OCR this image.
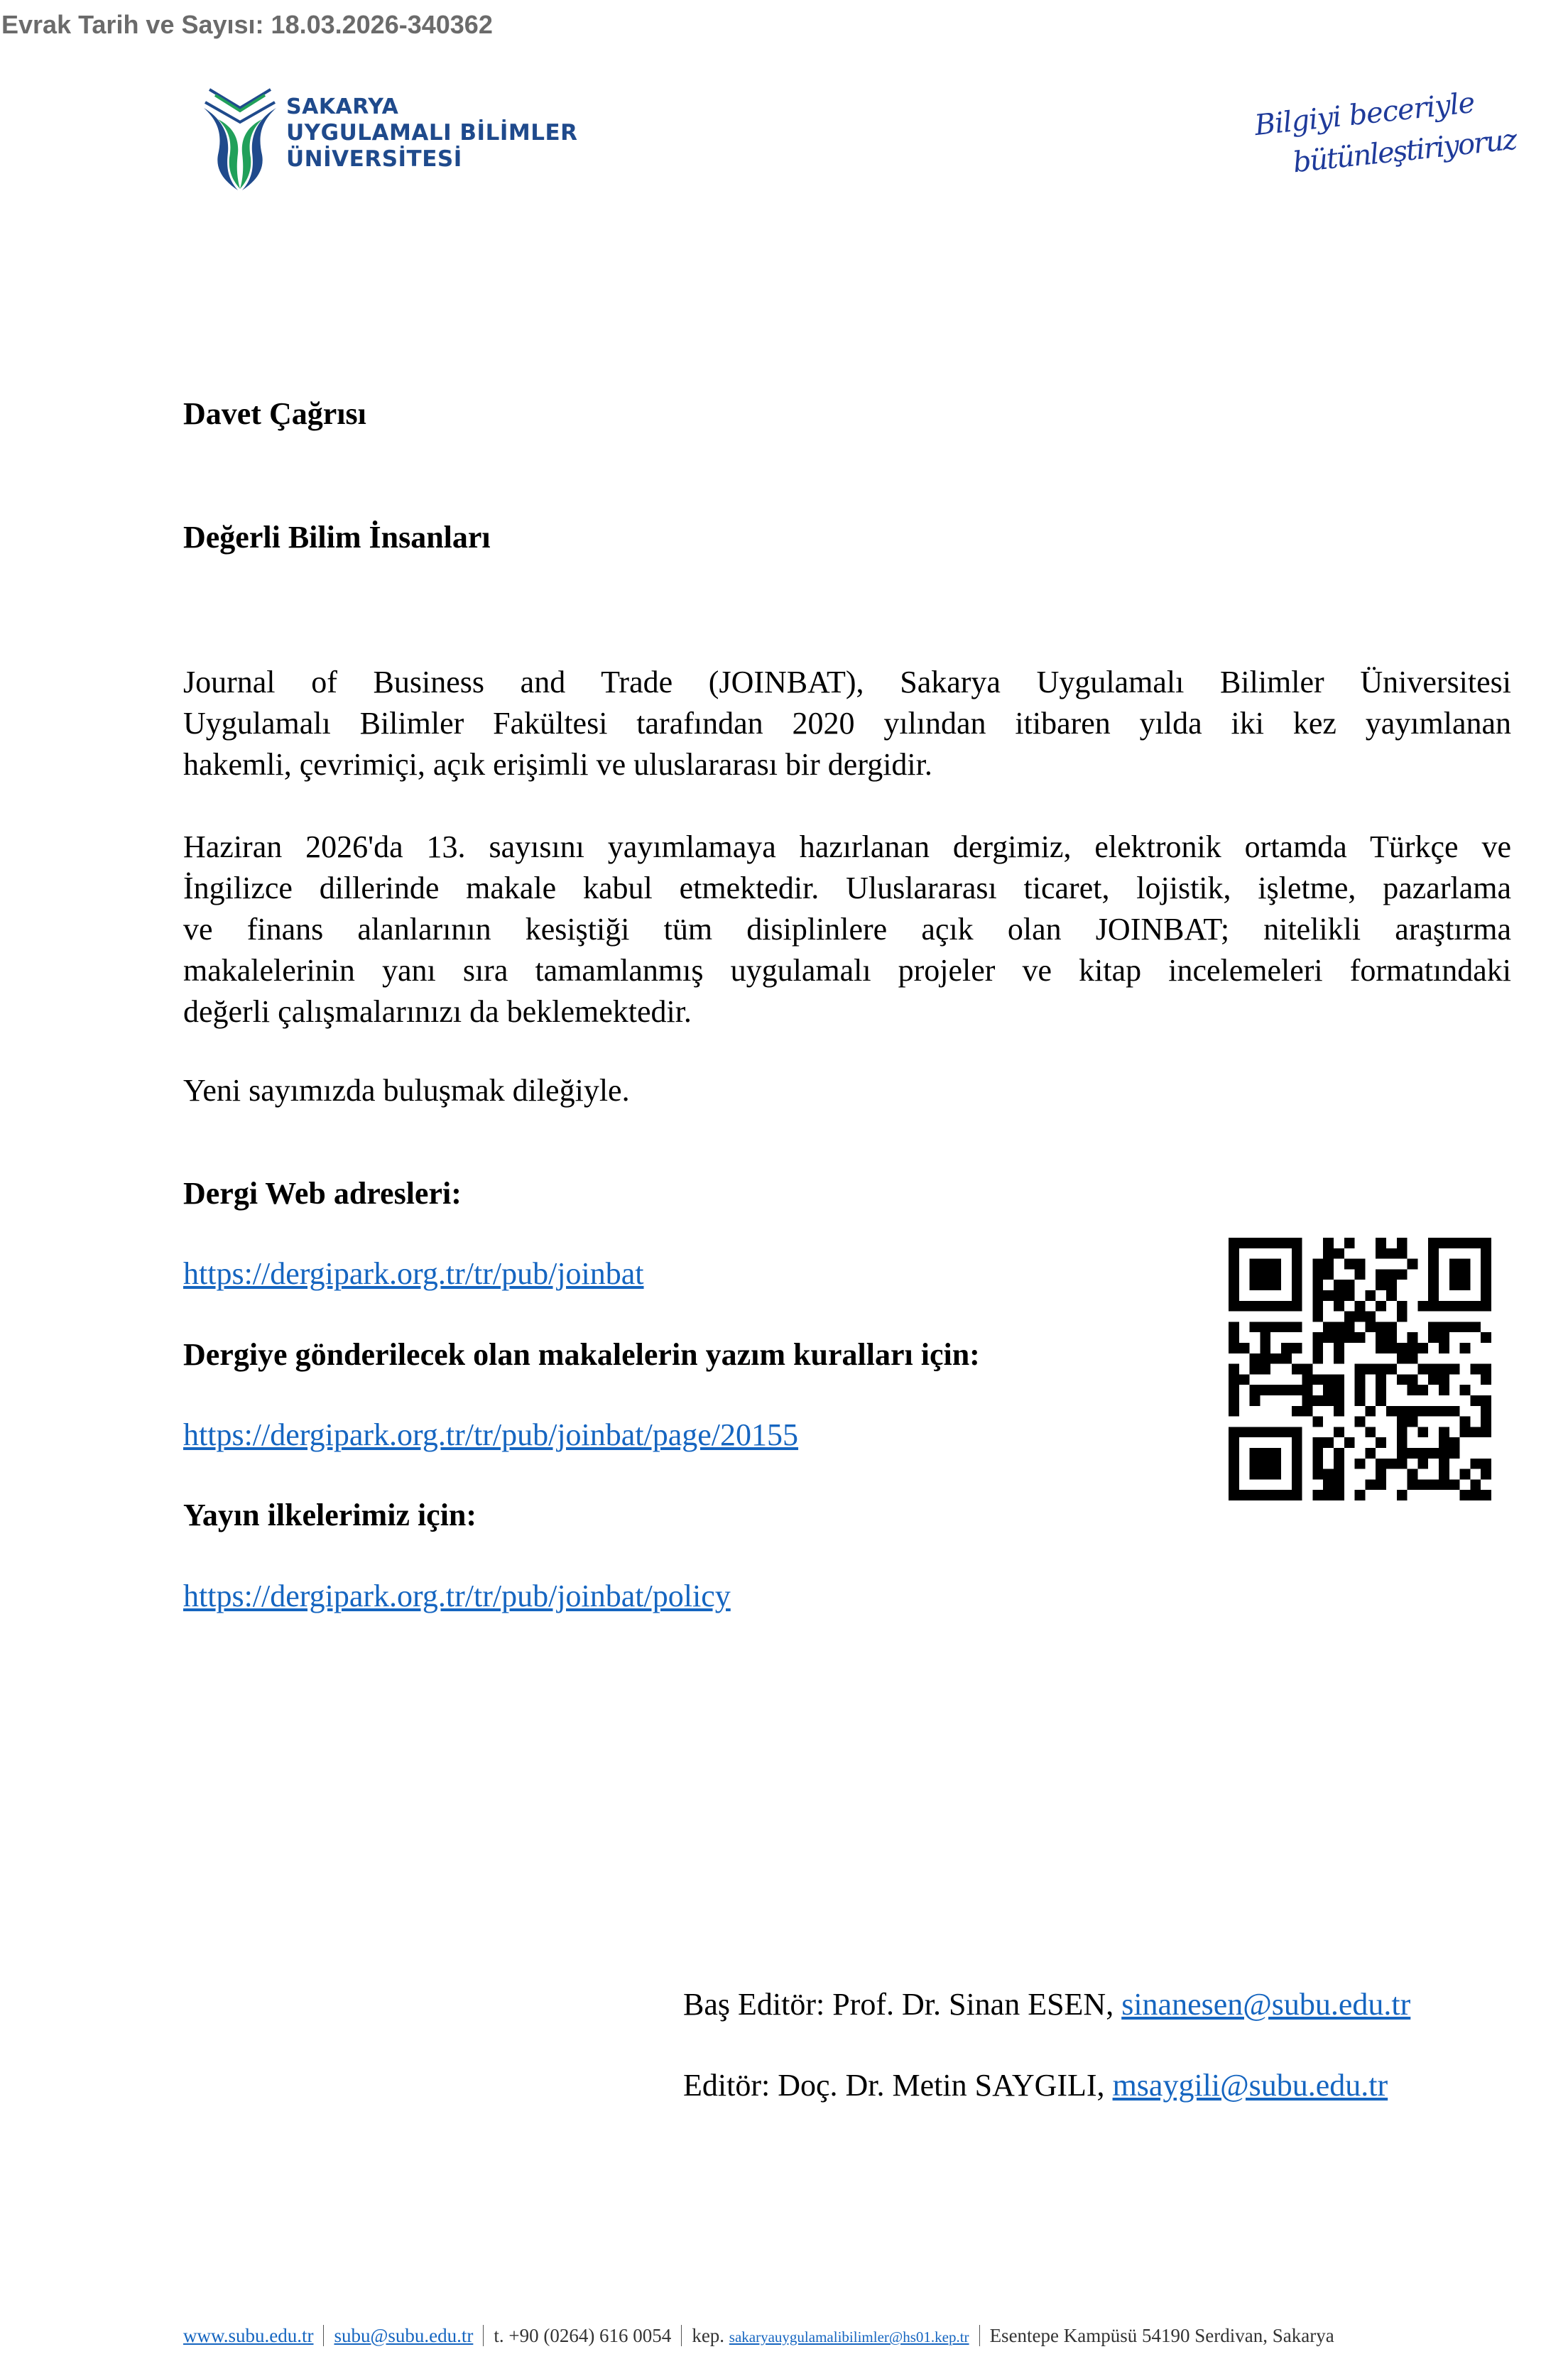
Evrak Tarih ve Sayısı: 18.03.2026-340362
SAKARYA
UYGULAMALI BİLİMLER
ÜNİVERSİTESİ
Bilgiyi beceriyle
bütünleştiriyoruz
Davet Çağrısı
Değerli Bilim İnsanları
Journal of Business and Trade (JOINBAT), Sakarya Uygulamalı Bilimler Üniversitesi
Uygulamalı Bilimler Fakültesi tarafından 2020 yılından itibaren yılda iki kez yayımlanan
hakemli, çevrimiçi, açık erişimli ve uluslararası bir dergidir.
Haziran 2026'da 13. sayısını yayımlamaya hazırlanan dergimiz, elektronik ortamda Türkçe ve
İngilizce dillerinde makale kabul etmektedir. Uluslararası ticaret, lojistik, işletme, pazarlama
ve finans alanlarının kesiştiği tüm disiplinlere açık olan JOINBAT; nitelikli araştırma
makalelerinin yanı sıra tamamlanmış uygulamalı projeler ve kitap incelemeleri formatındaki
değerli çalışmalarınızı da beklemektedir.
Yeni sayımızda buluşmak dileğiyle.
Dergi Web adresleri:
https://dergipark.org.tr/tr/pub/joinbat
Dergiye gönderilecek olan makalelerin yazım kuralları için:
https://dergipark.org.tr/tr/pub/joinbat/page/20155
Yayın ilkelerimiz için:
https://dergipark.org.tr/tr/pub/joinbat/policy
Baş Editör: Prof. Dr. Sinan ESEN, sinanesen@subu.edu.tr
Editör: Doç. Dr. Metin SAYGILI, msaygili@subu.edu.tr
www.subu.edu.tr subu@subu.edu.tr t. +90 (0264) 616 0054 kep.
sakaryauygulamalibilimler@hs01.kep.tr Esentepe Kampüsü 54190 Serdivan, Sakarya
